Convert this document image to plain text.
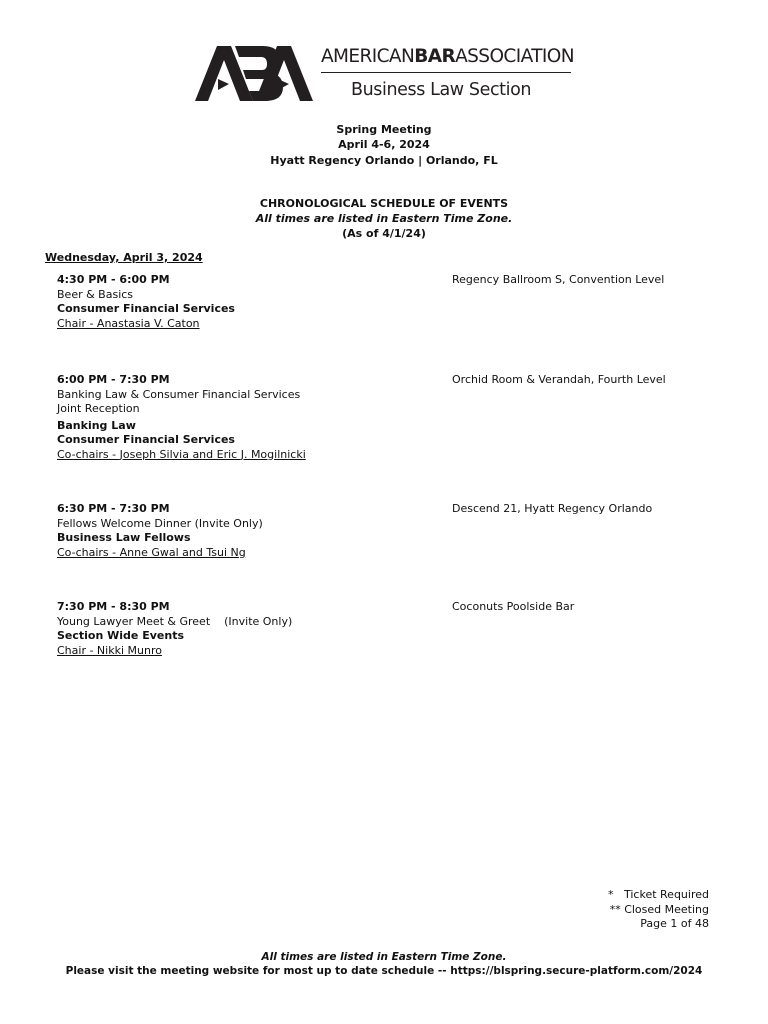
AMERICANBARASSOCIATION
Business Law Section
Spring Meeting
April 4-6, 2024
Hyatt Regency Orlando | Orlando, FL
CHRONOLOGICAL SCHEDULE OF EVENTS
All times are listed in Eastern Time Zone.
(As of 4/1/24)
Wednesday, April 3, 2024
4:30 PM - 6:00 PM
Beer & Basics
Consumer Financial Services
Chair - Anastasia V. Caton
Regency Ballroom S, Convention Level
6:00 PM - 7:30 PM
Banking Law & Consumer Financial Services
Joint Reception
Banking Law
Consumer Financial Services
Co-chairs - Joseph Silvia and Eric J. Mogilnicki
Orchid Room & Verandah, Fourth Level
6:30 PM - 7:30 PM
Fellows Welcome Dinner (Invite Only)
Business Law Fellows
Co-chairs - Anne Gwal and Tsui Ng
Descend 21, Hyatt Regency Orlando
7:30 PM - 8:30 PM
Young Lawyer Meet & Greet    (Invite Only)
Section Wide Events
Chair - Nikki Munro
Coconuts Poolside Bar
*   Ticket Required
** Closed Meeting
Page 1 of 48
All times are listed in Eastern Time Zone.
Please visit the meeting website for most up to date schedule -- https://blspring.secure-platform.com/2024
